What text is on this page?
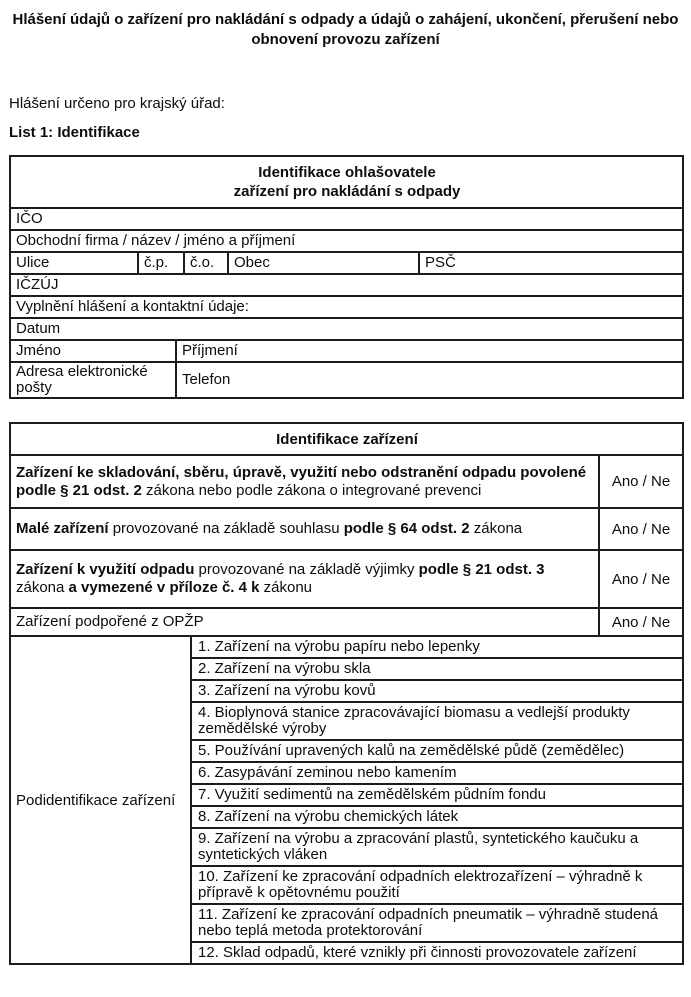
Hlášení údajů o zařízení pro nakládání s odpady a údajů o zahájení, ukončení, přerušení nebo obnovení provozu zařízení

Hlášení určeno pro krajský úřad:

List 1: Identifikace

Identifikace ohlašovatele
zařízení pro nakládání s odpady					

IČO					
Obchodní firma / název / jméno a příjmení					
Ulice	č.p.		č.o.	Obec	PSČ
IČZÚJ					
Vyplnění hlášení a kontaktní údaje:					
Datum					
Jméno		Příjmení			
Adresa elektronické pošty		Telefon			
Identifikace zařízení		
Zařízení ke skladování, sběru, úpravě, využití nebo odstranění odpadu povolené podle § 21 odst. 2 zákona nebo podle zákona o integrované prevenci		Ano / Ne
Malé zařízení provozované na základě souhlasu podle § 64 odst. 2 zákona		Ano / Ne
Zařízení k využití odpadu provozované na základě výjimky podle § 21 odst. 3 zákona a vymezené v příloze č. 4 k zákonu		Ano / Ne
Zařízení podpořené z OPŽP		Ano / Ne
Podidentifikace zařízení	1. Zařízení na výrobu papíru nebo lepenky	
	2. Zařízení na výrobu skla	
	3. Zařízení na výrobu kovů	
	4. Bioplynová stanice zpracovávající biomasu a vedlejší produkty zemědělské výroby	
	5. Používání upravených kalů na zemědělské půdě (zemědělec)	
	6. Zasypávání zeminou nebo kamením	
	7. Využití sedimentů na zemědělském půdním fondu	
	8. Zařízení na výrobu chemických látek	
	9. Zařízení na výrobu a zpracování plastů, syntetického kaučuku a syntetických vláken	
	10. Zařízení ke zpracování odpadních elektrozařízení – výhradně k přípravě k opětovnému použití	
	11. Zařízení ke zpracování odpadních pneumatik – výhradně studená nebo teplá metoda protektorování	
	12. Sklad odpadů, které vznikly při činnosti provozovatele zařízení	
